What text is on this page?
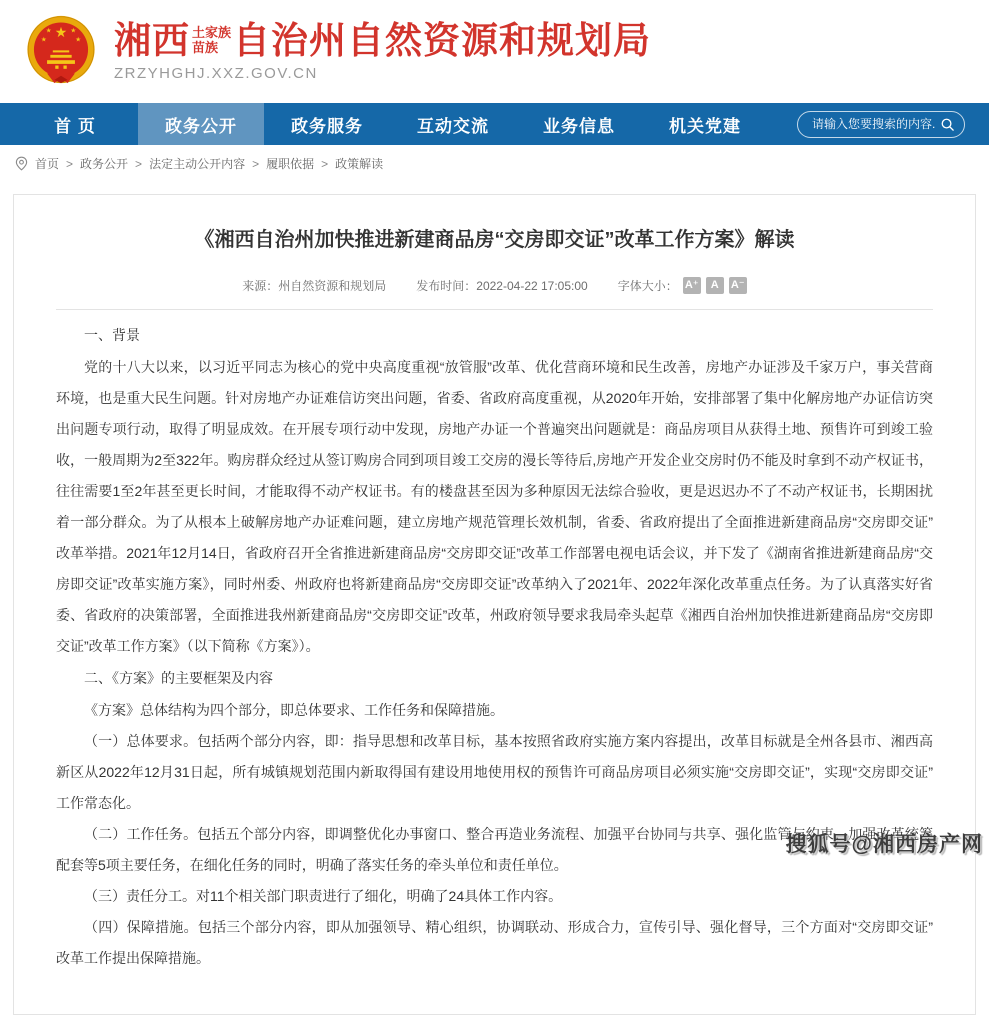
★
★ ★
★	★ 湘西 土家族
苗族 自治州自然资源和规划局
ZRZYHGHJ.XXZ.GOV.CN
首 页	政务公开	政务服务	互动交流	业务信息	机关党建
请输入您要搜索的内容.
首页 > 政务公开 > 法定主动公开内容 > 履职依据 > 政策解读
《湘西自治州加快推进新建商品房“交房即交证”改革工作方案》解读
来源：州自然资源和规划局	发布时间：2022-04-22 17:05:00	字体大小： A⁺	A	A⁻

一、背景

党的十八大以来，以习近平同志为核心的党中央高度重视“放管服”改革、优化营商环境和民生改善，房地产办证涉及千家万户，事关营商环境，也是重大民生问题。针对房地产办证难信访突出问题，省委、省政府高度重视，从2020年开始，安排部署了集中化解房地产办证信访突出问题专项行动，取得了明显成效。在开展专项行动中发现，房地产办证一个普遍突出问题就是：商品房项目从获得土地、预售许可到竣工验收，一般周期为2至322年。购房群众经过从签订购房合同到项目竣工交房的漫长等待后,房地产开发企业交房时仍不能及时拿到不动产权证书，往往需要1至2年甚至更长时间，才能取得不动产权证书。有的楼盘甚至因为多种原因无法综合验收，更是迟迟办不了不动产权证书，长期困扰着一部分群众。为了从根本上破解房地产办证难问题，建立房地产规范管理长效机制，省委、省政府提出了全面推进新建商品房“交房即交证”改革举措。2021年12月14日，省政府召开全省推进新建商品房“交房即交证”改革工作部署电视电话会议，并下发了《湖南省推进新建商品房“交房即交证”改革实施方案》，同时州委、州政府也将新建商品房“交房即交证”改革纳入了2021年、2022年深化改革重点任务。为了认真落实好省委、省政府的决策部署，全面推进我州新建商品房“交房即交证”改革，州政府领导要求我局牵头起草《湘西自治州加快推进新建商品房“交房即交证”改革工作方案》（以下简称《方案》）。

二、《方案》的主要框架及内容

《方案》总体结构为四个部分，即总体要求、工作任务和保障措施。

（一）总体要求。包括两个部分内容，即：指导思想和改革目标，基本按照省政府实施方案内容提出，改革目标就是全州各县市、湘西高新区从2022年12月31日起，所有城镇规划范围内新取得国有建设用地使用权的预售许可商品房项目必须实施“交房即交证”，实现“交房即交证”工作常态化。

（二）工作任务。包括五个部分内容，即调整优化办事窗口、整合再造业务流程、加强平台协同与共享、强化监管与约束、加强改革统筹配套等5项主要任务，在细化任务的同时，明确了落实任务的牵头单位和责任单位。

（三）责任分工。对11个相关部门职责进行了细化，明确了24具体工作内容。

（四）保障措施。包括三个部分内容，即从加强领导、精心组织，协调联动、形成合力，宣传引导、强化督导，三个方面对“交房即交证”改革工作提出保障措施。

搜狐号@湘西房产网
